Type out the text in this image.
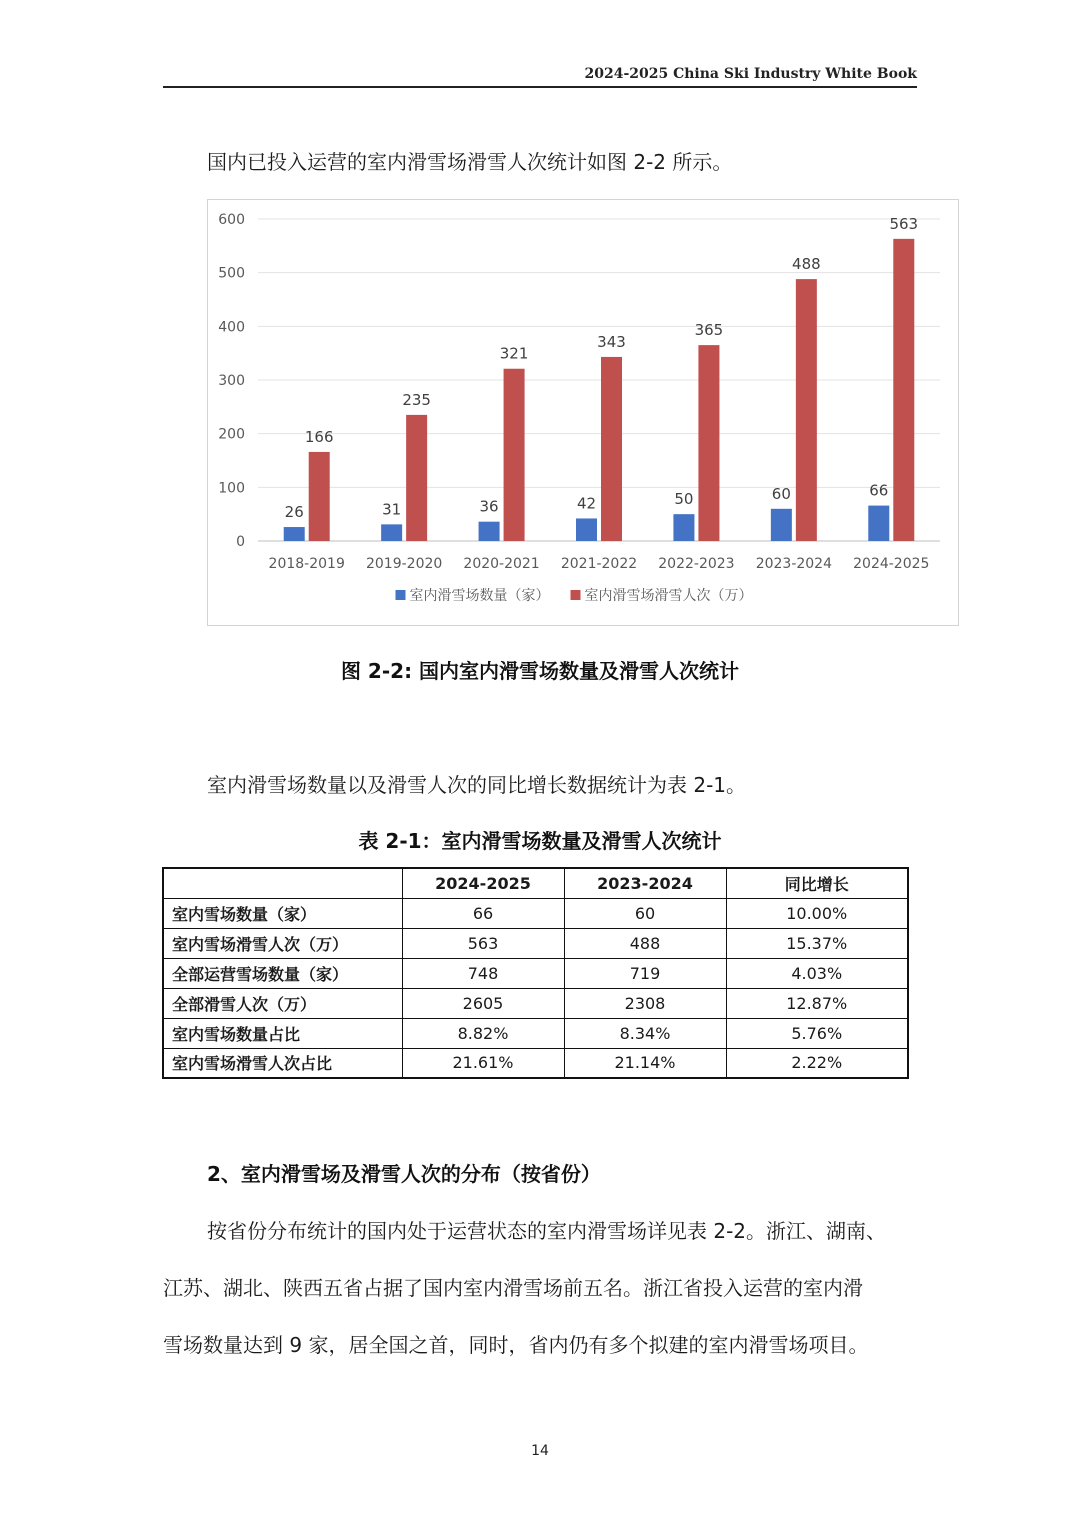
2024-2025 China Ski Industry White Book
国内已投入运营的室内滑雪场滑雪人次统计如图 2-2 所示。
0
100
200
300
400
500
600
26
166
2018-2019
31
235
2019-2020
36
321
2020-2021
42
343
2021-2022
50
365
2022-2023
60
488
2023-2024
66
563
2024-2025
室内滑雪场数量（家）	室内滑雪场滑雪人次（万）
图 2-2: 国内室内滑雪场数量及滑雪人次统计
室内滑雪场数量以及滑雪人次的同比增长数据统计为表 2-1。
表 2-1：室内滑雪场数量及滑雪人次统计
	2024-2025	2023-2024	同比增长
室内雪场数量（家）	66	60	10.00%
室内雪场滑雪人次（万）	563	488	15.37%
全部运营雪场数量（家）	748	719	4.03%
全部滑雪人次（万）	2605	2308	12.87%
室内雪场数量占比	8.82%	8.34%	5.76%
室内雪场滑雪人次占比	21.61%	21.14%	2.22%
2、室内滑雪场及滑雪人次的分布（按省份）
按省份分布统计的国内处于运营状态的室内滑雪场详见表 2-2。浙江、湖南、
江苏、湖北、陕西五省占据了国内室内滑雪场前五名。浙江省投入运营的室内滑
雪场数量达到 9 家，居全国之首，同时，省内仍有多个拟建的室内滑雪场项目。
14
